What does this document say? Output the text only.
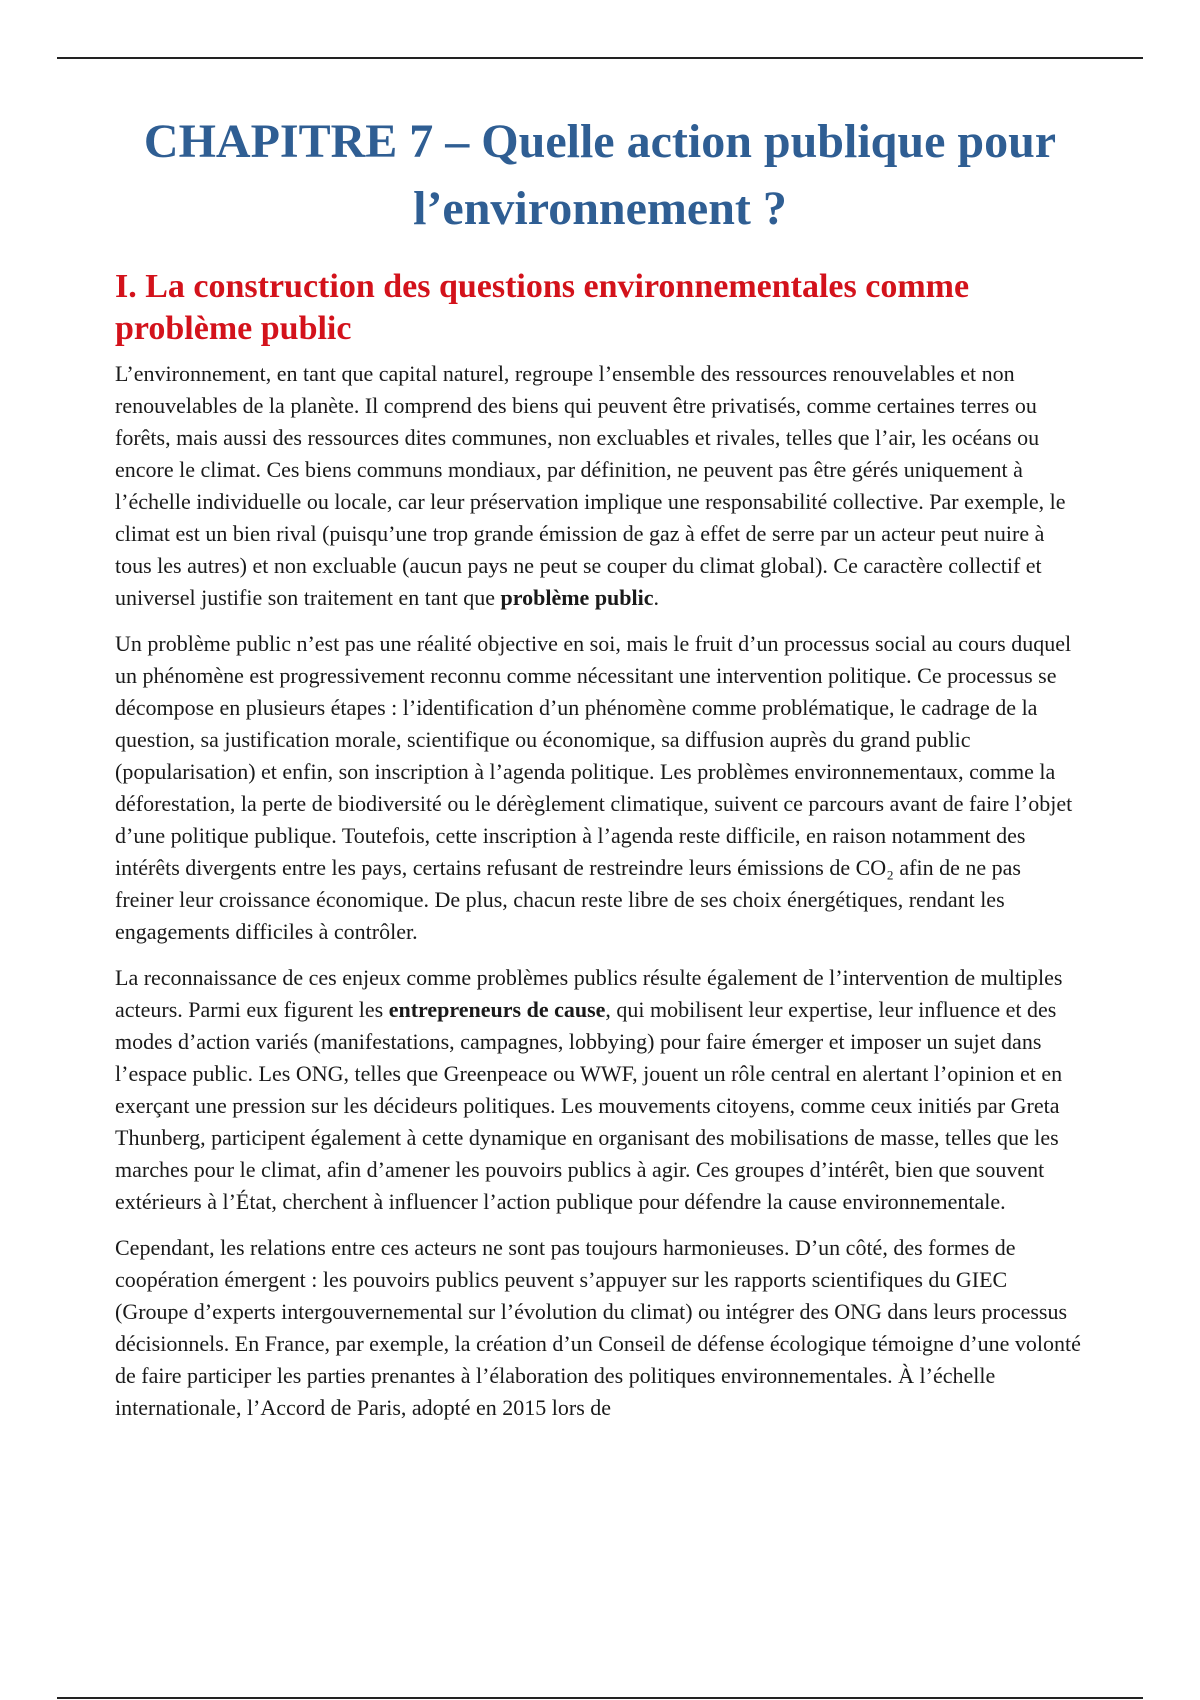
CHAPITRE 7 – Quelle action publique pour l’environnement ?
I. La construction des questions environnementales comme problème public

L’environnement, en tant que capital naturel, regroupe l’ensemble des ressources renouvelables et non renouvelables de la planète. Il comprend des biens qui peuvent être privatisés, comme certaines terres ou forêts, mais aussi des ressources dites communes, non excluables et rivales, telles que l’air, les océans ou encore le climat. Ces biens communs mondiaux, par définition, ne peuvent pas être gérés uniquement à l’échelle individuelle ou locale, car leur préservation implique une responsabilité collective. Par exemple, le climat est un bien rival (puisqu’une trop grande émission de gaz à effet de serre par un acteur peut nuire à tous les autres) et non excluable (aucun pays ne peut se couper du climat global). Ce caractère collectif et universel justifie son traitement en tant que problème public.

Un problème public n’est pas une réalité objective en soi, mais le fruit d’un processus social au cours duquel un phénomène est progressivement reconnu comme nécessitant une intervention politique. Ce processus se décompose en plusieurs étapes : l’identification d’un phénomène comme problématique, le cadrage de la question, sa justification morale, scientifique ou économique, sa diffusion auprès du grand public (popularisation) et enfin, son inscription à l’agenda politique. Les problèmes environnementaux, comme la déforestation, la perte de biodiversité ou le dérèglement climatique, suivent ce parcours avant de faire l’objet d’une politique publique. Toutefois, cette inscription à l’agenda reste difficile, en raison notamment des intérêts divergents entre les pays, certains refusant de restreindre leurs émissions de CO₂ afin de ne pas freiner leur croissance économique. De plus, chacun reste libre de ses choix énergétiques, rendant les engagements difficiles à contrôler.

La reconnaissance de ces enjeux comme problèmes publics résulte également de l’intervention de multiples acteurs. Parmi eux figurent les entrepreneurs de cause, qui mobilisent leur expertise, leur influence et des modes d’action variés (manifestations, campagnes, lobbying) pour faire émerger et imposer un sujet dans l’espace public. Les ONG, telles que Greenpeace ou WWF, jouent un rôle central en alertant l’opinion et en exerçant une pression sur les décideurs politiques. Les mouvements citoyens, comme ceux initiés par Greta Thunberg, participent également à cette dynamique en organisant des mobilisations de masse, telles que les marches pour le climat, afin d’amener les pouvoirs publics à agir. Ces groupes d’intérêt, bien que souvent extérieurs à l’État, cherchent à influencer l’action publique pour défendre la cause environnementale.

Cependant, les relations entre ces acteurs ne sont pas toujours harmonieuses. D’un côté, des formes de coopération émergent : les pouvoirs publics peuvent s’appuyer sur les rapports scientifiques du GIEC (Groupe d’experts intergouvernemental sur l’évolution du climat) ou intégrer des ONG dans leurs processus décisionnels. En France, par exemple, la création d’un Conseil de défense écologique témoigne d’une volonté de faire participer les parties prenantes à l’élaboration des politiques environnementales. À l’échelle internationale, l’Accord de Paris, adopté en 2015 lors de
